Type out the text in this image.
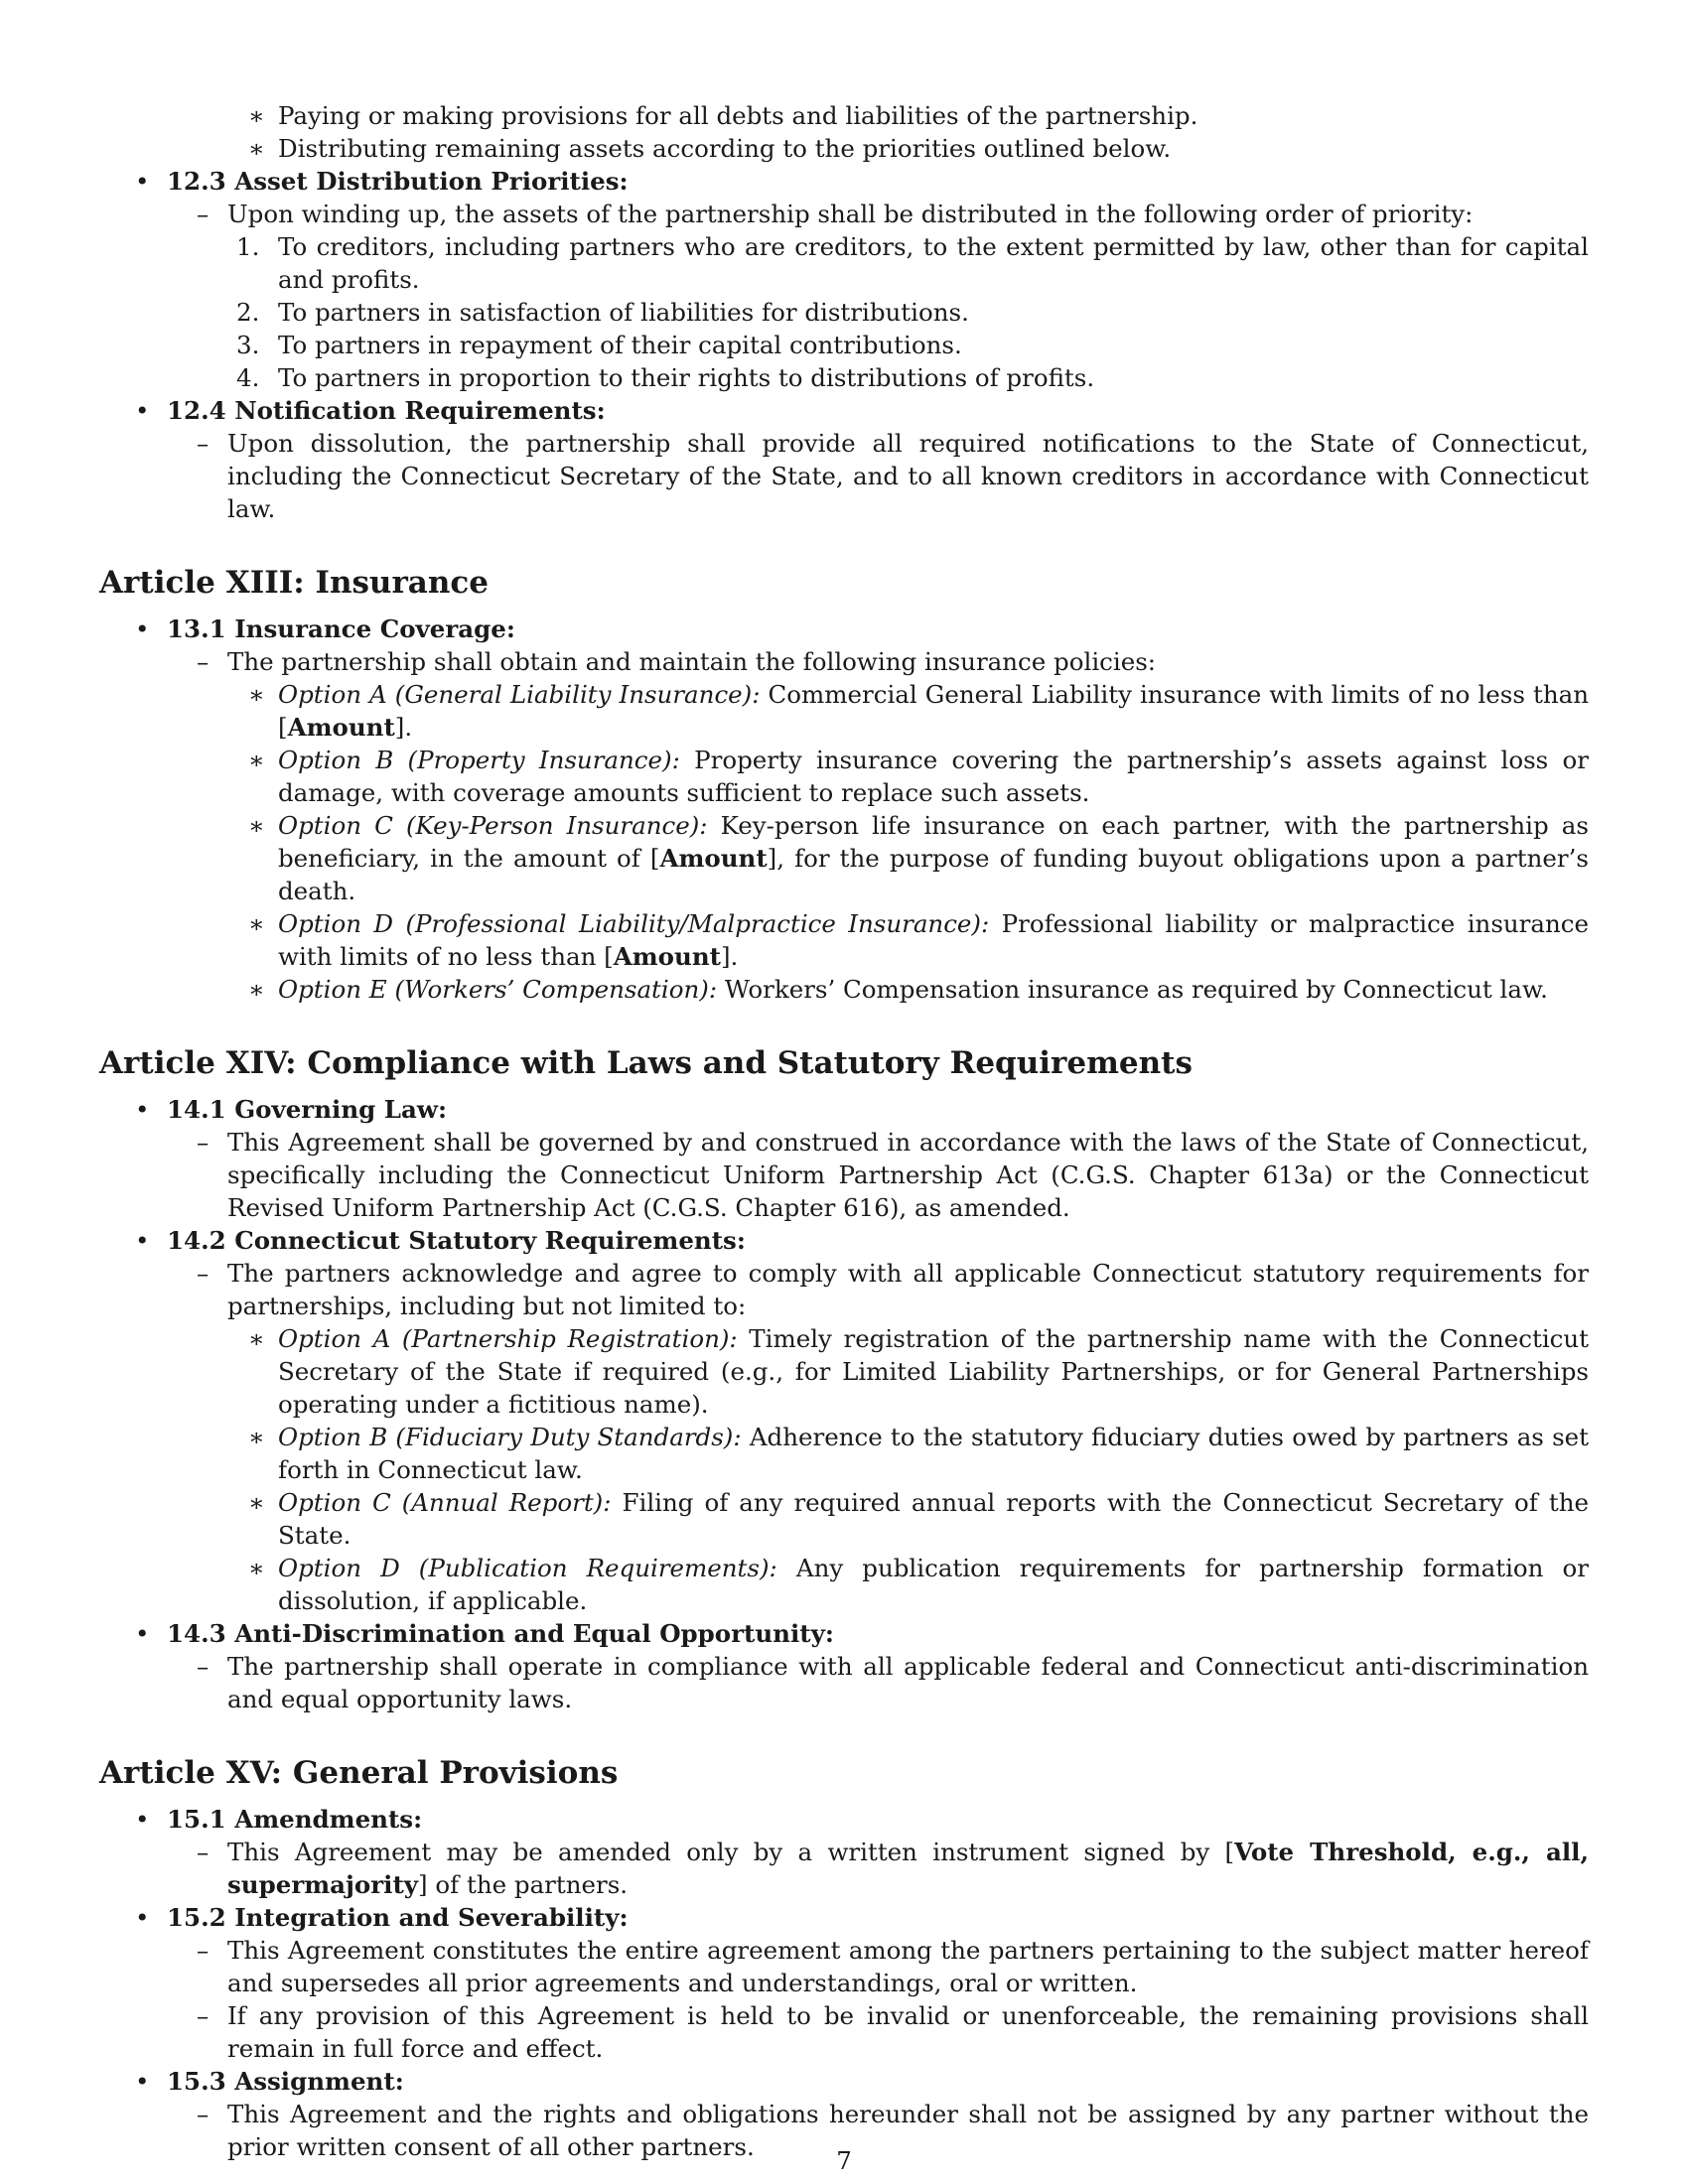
∗ Paying or making provisions for all debts and liabilities of the partnership.
∗ Distributing remaining assets according to the priorities outlined below.
• 12.3 Asset Distribution Priorities:
– Upon winding up, the assets of the partnership shall be distributed in the following order of priority:
1. To creditors, including partners who are creditors, to the extent permitted by law, other than for capital and profits.
2. To partners in satisfaction of liabilities for distributions.
3. To partners in repayment of their capital contributions.
4. To partners in proportion to their rights to distributions of profits.
• 12.4 Notification Requirements:
– Upon dissolution, the partnership shall provide all required notifications to the State of Connecticut, including the Connecticut Secretary of the State, and to all known creditors in accordance with Connecticut law.
Article XIII: Insurance
• 13.1 Insurance Coverage:
– The partnership shall obtain and maintain the following insurance policies:
∗ Option A (General Liability Insurance): Commercial General Liability insurance with limits of no less than [Amount].
∗ Option B (Property Insurance): Property insurance covering the partnership’s assets against loss or damage, with coverage amounts sufficient to replace such assets.
∗ Option C (Key-Person Insurance): Key-person life insurance on each partner, with the partnership as beneficiary, in the amount of [Amount], for the purpose of funding buyout obligations upon a partner’s death.
∗ Option D (Professional Liability/Malpractice Insurance): Professional liability or malpractice insurance with limits of no less than [Amount].
∗ Option E (Workers’ Compensation): Workers’ Compensation insurance as required by Connecticut law.
Article XIV: Compliance with Laws and Statutory Requirements
• 14.1 Governing Law:
– This Agreement shall be governed by and construed in accordance with the laws of the State of Connecticut, specifically including the Connecticut Uniform Partnership Act (C.G.S. Chapter 613a) or the Connecticut Revised Uniform Partnership Act (C.G.S. Chapter 616), as amended.
• 14.2 Connecticut Statutory Requirements:
– The partners acknowledge and agree to comply with all applicable Connecticut statutory requirements for partnerships, including but not limited to:
∗ Option A (Partnership Registration): Timely registration of the partnership name with the Connecticut Secretary of the State if required (e.g., for Limited Liability Partnerships, or for General Partnerships operating under a fictitious name).
∗ Option B (Fiduciary Duty Standards): Adherence to the statutory fiduciary duties owed by partners as set forth in Connecticut law.
∗ Option C (Annual Report): Filing of any required annual reports with the Connecticut Secretary of the State.
∗ Option D (Publication Requirements): Any publication requirements for partnership formation or dissolution, if applicable.
• 14.3 Anti-Discrimination and Equal Opportunity:
– The partnership shall operate in compliance with all applicable federal and Connecticut anti-discrimination and equal opportunity laws.
Article XV: General Provisions
• 15.1 Amendments:
– This Agreement may be amended only by a written instrument signed by [Vote Threshold, e.g., all, supermajority] of the partners.
• 15.2 Integration and Severability:
– This Agreement constitutes the entire agreement among the partners pertaining to the subject matter hereof and supersedes all prior agreements and understandings, oral or written.
– If any provision of this Agreement is held to be invalid or unenforceable, the remaining provisions shall remain in full force and effect.
• 15.3 Assignment:
– This Agreement and the rights and obligations hereunder shall not be assigned by any partner without the prior written consent of all other partners.	7
